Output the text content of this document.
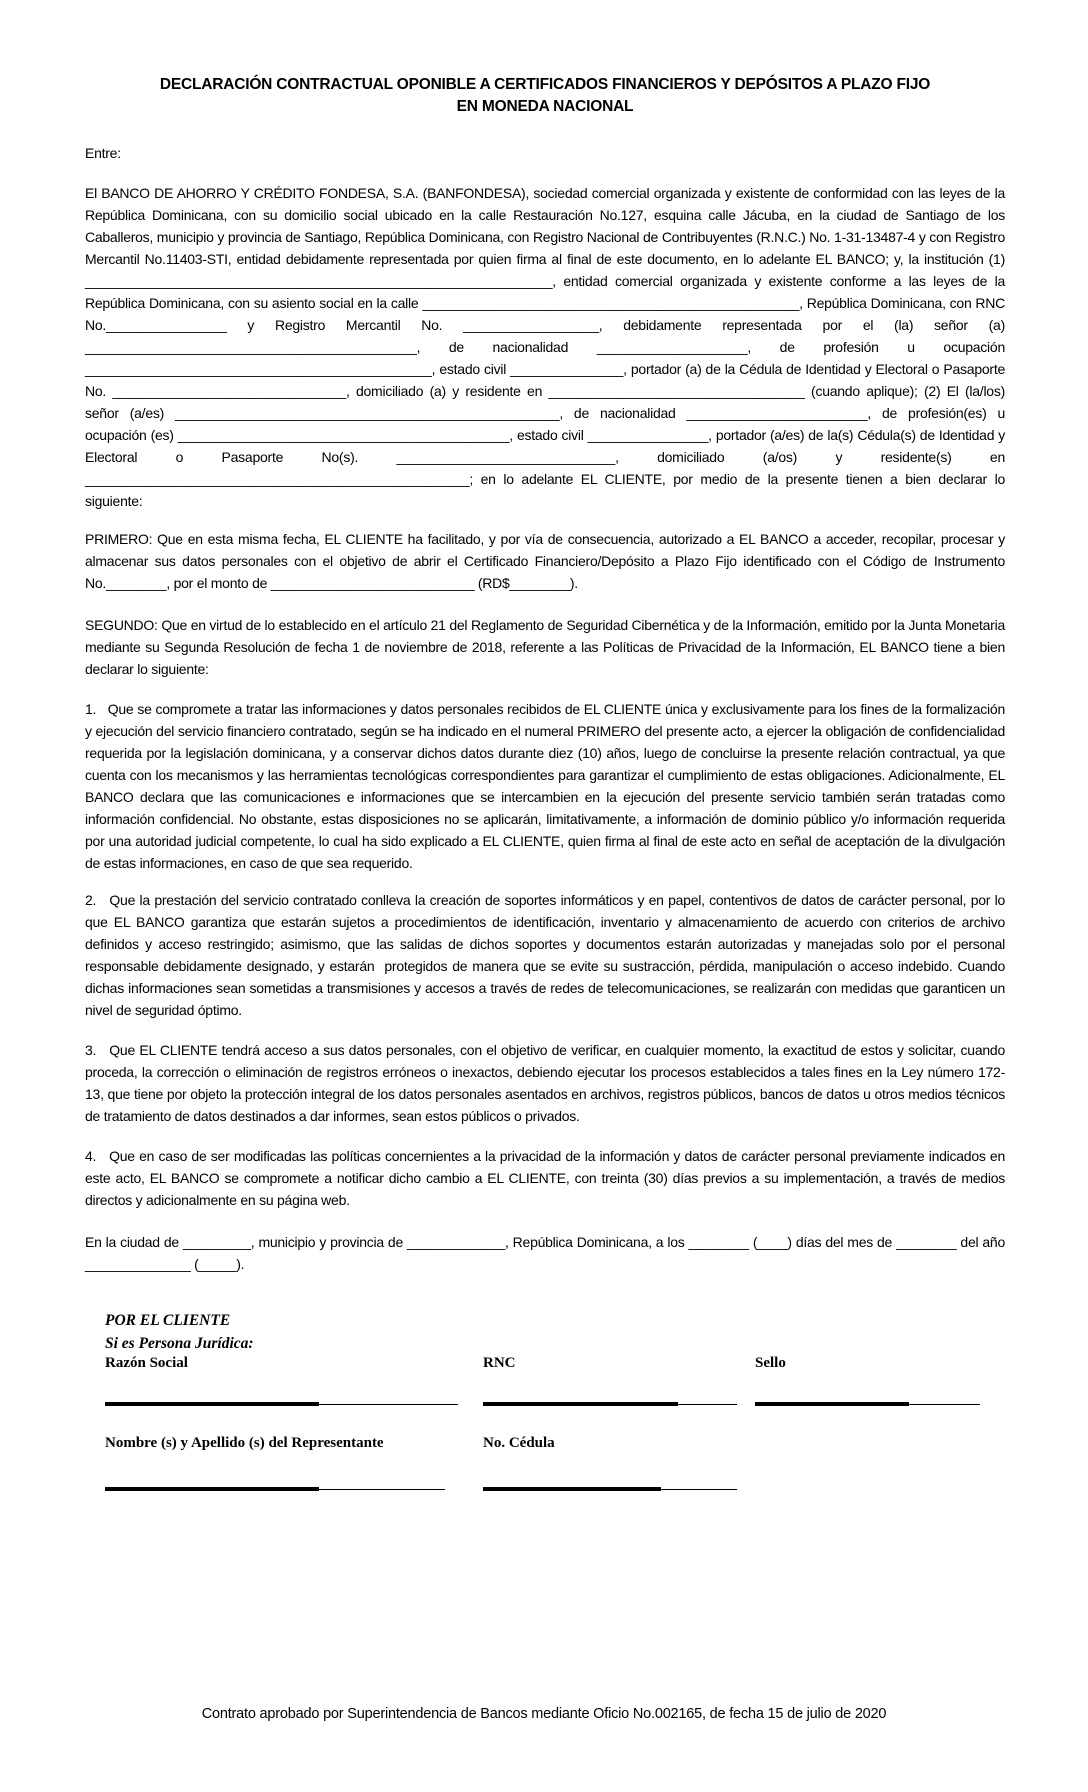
DECLARACIÓN CONTRACTUAL OPONIBLE A CERTIFICADOS FINANCIEROS Y DEPÓSITOS A PLAZO FIJO
EN MONEDA NACIONAL

Entre:

El BANCO DE AHORRO Y CRÉDITO FONDESA, S.A. (BANFONDESA), sociedad comercial organizada y existente de conformidad con las leyes de la República Dominicana, con su domicilio social ubicado en la calle Restauración No.127, esquina calle Jácuba, en la ciudad de Santiago de los Caballeros, municipio y provincia de Santiago, República Dominicana, con Registro Nacional de Contribuyentes (R.N.C.) No. 1-31-13487-4 y con Registro Mercantil No.11403-STI, entidad debidamente representada por quien firma al final de este documento, en lo adelante EL BANCO; y, la institución (1) ______________________________________________________________, entidad comercial organizada y existente conforme a las leyes de la República Dominicana, con su asiento social en la calle __________________________________________________, República Dominicana, con RNC No.________________ y Registro Mercantil No. __________________, debidamente representada por el (la) señor (a) ____________________________________________, de nacionalidad ____________________, de profesión u ocupación ______________________________________________, estado civil _______________, portador (a) de la Cédula de Identidad y Electoral o Pasaporte No. _______________________________, domiciliado (a) y residente en __________________________________ (cuando aplique); (2) El (la/los) señor (a/es) ___________________________________________________, de nacionalidad ________________________, de profesión(es) u ocupación (es) ____________________________________________, estado civil ________________, portador (a/es) de la(s) Cédula(s) de Identidad y Electoral o Pasaporte No(s). _____________________________, domiciliado (a/os) y residente(s) en ___________________________________________________; en lo adelante EL CLIENTE, por medio de la presente tienen a bien declarar lo siguiente:

PRIMERO: Que en esta misma fecha, EL CLIENTE ha facilitado, y por vía de consecuencia, autorizado a EL BANCO a acceder, recopilar, procesar y almacenar sus datos personales con el objetivo de abrir el Certificado Financiero/Depósito a Plazo Fijo identificado con el Código de Instrumento No.________, por el monto de ___________________________ (RD$________).

SEGUNDO: Que en virtud de lo establecido en el artículo 21 del Reglamento de Seguridad Cibernética y de la Información, emitido por la Junta Monetaria mediante su Segunda Resolución de fecha 1 de noviembre de 2018, referente a las Políticas de Privacidad de la Información, EL BANCO tiene a bien declarar lo siguiente:

1.   Que se compromete a tratar las informaciones y datos personales recibidos de EL CLIENTE única y exclusivamente para los fines de la formalización y ejecución del servicio financiero contratado, según se ha indicado en el numeral PRIMERO del presente acto, a ejercer la obligación de confidencialidad requerida por la legislación dominicana, y a conservar dichos datos durante diez (10) años, luego de concluirse la presente relación contractual, ya que cuenta con los mecanismos y las herramientas tecnológicas correspondientes para garantizar el cumplimiento de estas obligaciones. Adicionalmente, EL BANCO declara que las comunicaciones e informaciones que se intercambien en la ejecución del presente servicio también serán tratadas como información confidencial. No obstante, estas disposiciones no se aplicarán, limitativamente, a información de dominio público y/o información requerida por una autoridad judicial competente, lo cual ha sido explicado a EL CLIENTE, quien firma al final de este acto en señal de aceptación de la divulgación de estas informaciones, en caso de que sea requerido.

2.   Que la prestación del servicio contratado conlleva la creación de soportes informáticos y en papel, contentivos de datos de carácter personal, por lo que EL BANCO garantiza que estarán sujetos a procedimientos de identificación, inventario y almacenamiento de acuerdo con criterios de archivo definidos y acceso restringido; asimismo, que las salidas de dichos soportes y documentos estarán autorizadas y manejadas solo por el personal responsable debidamente designado, y estarán  protegidos de manera que se evite su sustracción, pérdida, manipulación o acceso indebido. Cuando dichas informaciones sean sometidas a transmisiones y accesos a través de redes de telecomunicaciones, se realizarán con medidas que garanticen un nivel de seguridad óptimo.

3.   Que EL CLIENTE tendrá acceso a sus datos personales, con el objetivo de verificar, en cualquier momento, la exactitud de estos y solicitar, cuando proceda, la corrección o eliminación de registros erróneos o inexactos, debiendo ejecutar los procesos establecidos a tales fines en la Ley número 172-13, que tiene por objeto la protección integral de los datos personales asentados en archivos, registros públicos, bancos de datos u otros medios técnicos de tratamiento de datos destinados a dar informes, sean estos públicos o privados.

4.   Que en caso de ser modificadas las políticas concernientes a la privacidad de la información y datos de carácter personal previamente indicados en este acto, EL BANCO se compromete a notificar dicho cambio a EL CLIENTE, con treinta (30) días previos a su implementación, a través de medios directos y adicionalmente en su página web.

En la ciudad de _________, municipio y provincia de _____________, República Dominicana, a los ________ (____) días del mes de ________ del año ______________ (_____).

POR EL CLIENTE
Si es Persona Jurídica:
Razón Social	RNC	Sello
Nombre (s) y Apellido (s) del Representante	No. Cédula
Contrato aprobado por Superintendencia de Bancos mediante Oficio No.002165, de fecha 15 de julio de 2020
